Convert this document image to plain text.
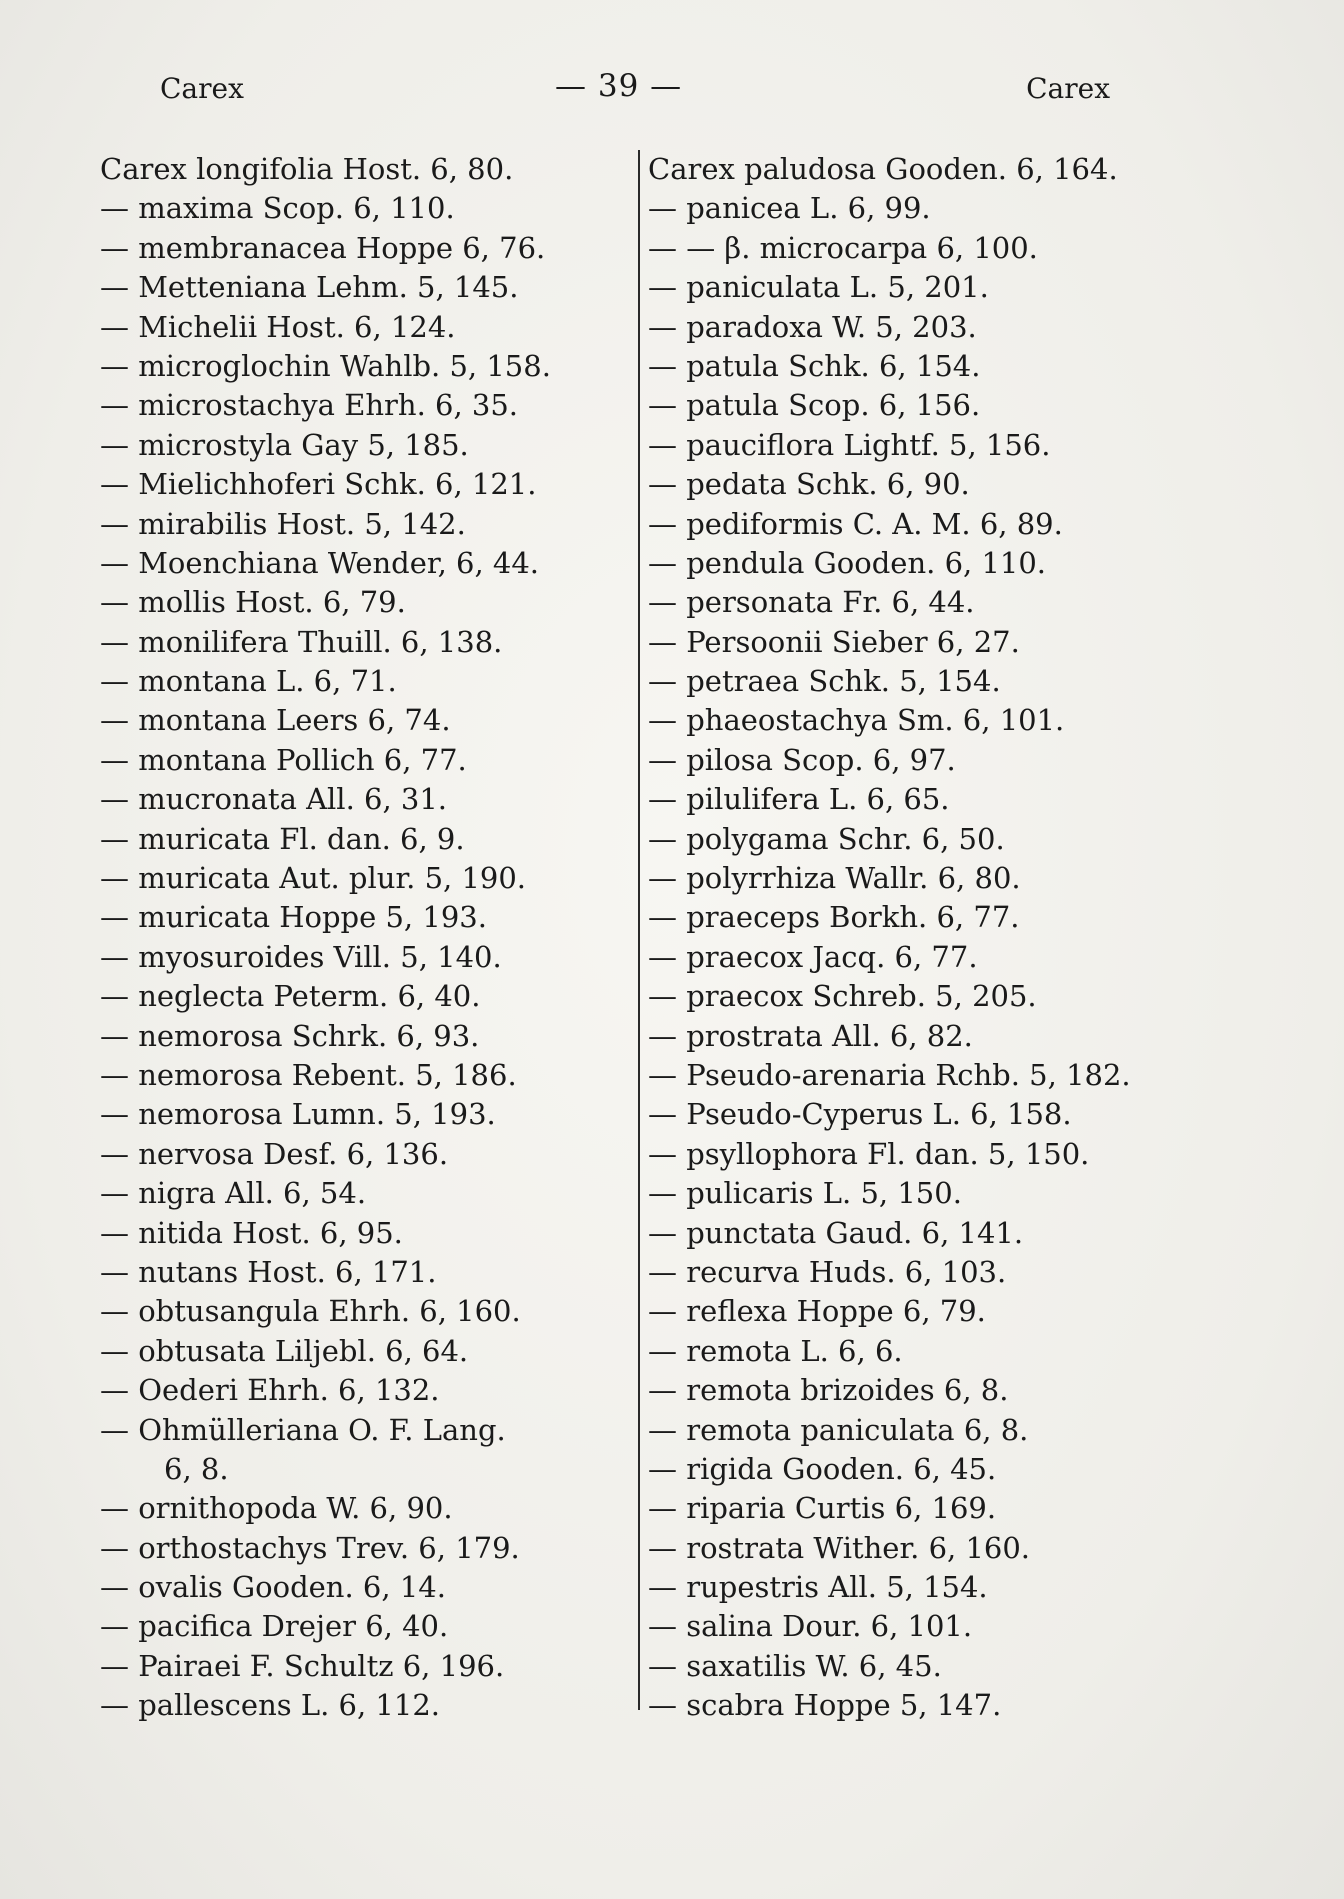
Carex	— 39 —	Carex
Carex longifolia Host. 6, 80.
— maxima Scop. 6, 110.
— membranacea Hoppe 6, 76.
— Metteniana Lehm. 5, 145.
— Michelii Host. 6, 124.
— microglochin Wahlb. 5, 158.
— microstachya Ehrh. 6, 35.
— microstyla Gay 5, 185.
— Mielichhoferi Schk. 6, 121.
— mirabilis Host. 5, 142.
— Moenchiana Wender, 6, 44.
— mollis Host. 6, 79.
— monilifera Thuill. 6, 138.
— montana L. 6, 71.
— montana Leers 6, 74.
— montana Pollich 6, 77.
— mucronata All. 6, 31.
— muricata Fl. dan. 6, 9.
— muricata Aut. plur. 5, 190.
— muricata Hoppe 5, 193.
— myosuroides Vill. 5, 140.
— neglecta Peterm. 6, 40.
— nemorosa Schrk. 6, 93.
— nemorosa Rebent. 5, 186.
— nemorosa Lumn. 5, 193.
— nervosa Desf. 6, 136.
— nigra All. 6, 54.
— nitida Host. 6, 95.
— nutans Host. 6, 171.
— obtusangula Ehrh. 6, 160.
— obtusata Liljebl. 6, 64.
— Oederi Ehrh. 6, 132.
— Ohmülleriana O. F. Lang.
6, 8.
— ornithopoda W. 6, 90.
— orthostachys Trev. 6, 179.
— ovalis Gooden. 6, 14.
— pacifica Drejer 6, 40.
— Pairaei F. Schultz 6, 196.
— pallescens L. 6, 112.
Carex paludosa Gooden. 6, 164.
— panicea L. 6, 99.
— — β. microcarpa 6, 100.
— paniculata L. 5, 201.
— paradoxa W. 5, 203.
— patula Schk. 6, 154.
— patula Scop. 6, 156.
— pauciflora Lightf. 5, 156.
— pedata Schk. 6, 90.
— pediformis C. A. M. 6, 89.
— pendula Gooden. 6, 110.
— personata Fr. 6, 44.
— Persoonii Sieber 6, 27.
— petraea Schk. 5, 154.
— phaeostachya Sm. 6, 101.
— pilosa Scop. 6, 97.
— pilulifera L. 6, 65.
— polygama Schr. 6, 50.
— polyrrhiza Wallr. 6, 80.
— praeceps Borkh. 6, 77.
— praecox Jacq. 6, 77.
— praecox Schreb. 5, 205.
— prostrata All. 6, 82.
— Pseudo-arenaria Rchb. 5, 182.
— Pseudo-Cyperus L. 6, 158.
— psyllophora Fl. dan. 5, 150.
— pulicaris L. 5, 150.
— punctata Gaud. 6, 141.
— recurva Huds. 6, 103.
— reflexa Hoppe 6, 79.
— remota L. 6, 6.
— remota brizoides 6, 8.
— remota paniculata 6, 8.
— rigida Gooden. 6, 45.
— riparia Curtis 6, 169.
— rostrata Wither. 6, 160.
— rupestris All. 5, 154.
— salina Dour. 6, 101.
— saxatilis W. 6, 45.
— scabra Hoppe 5, 147.
